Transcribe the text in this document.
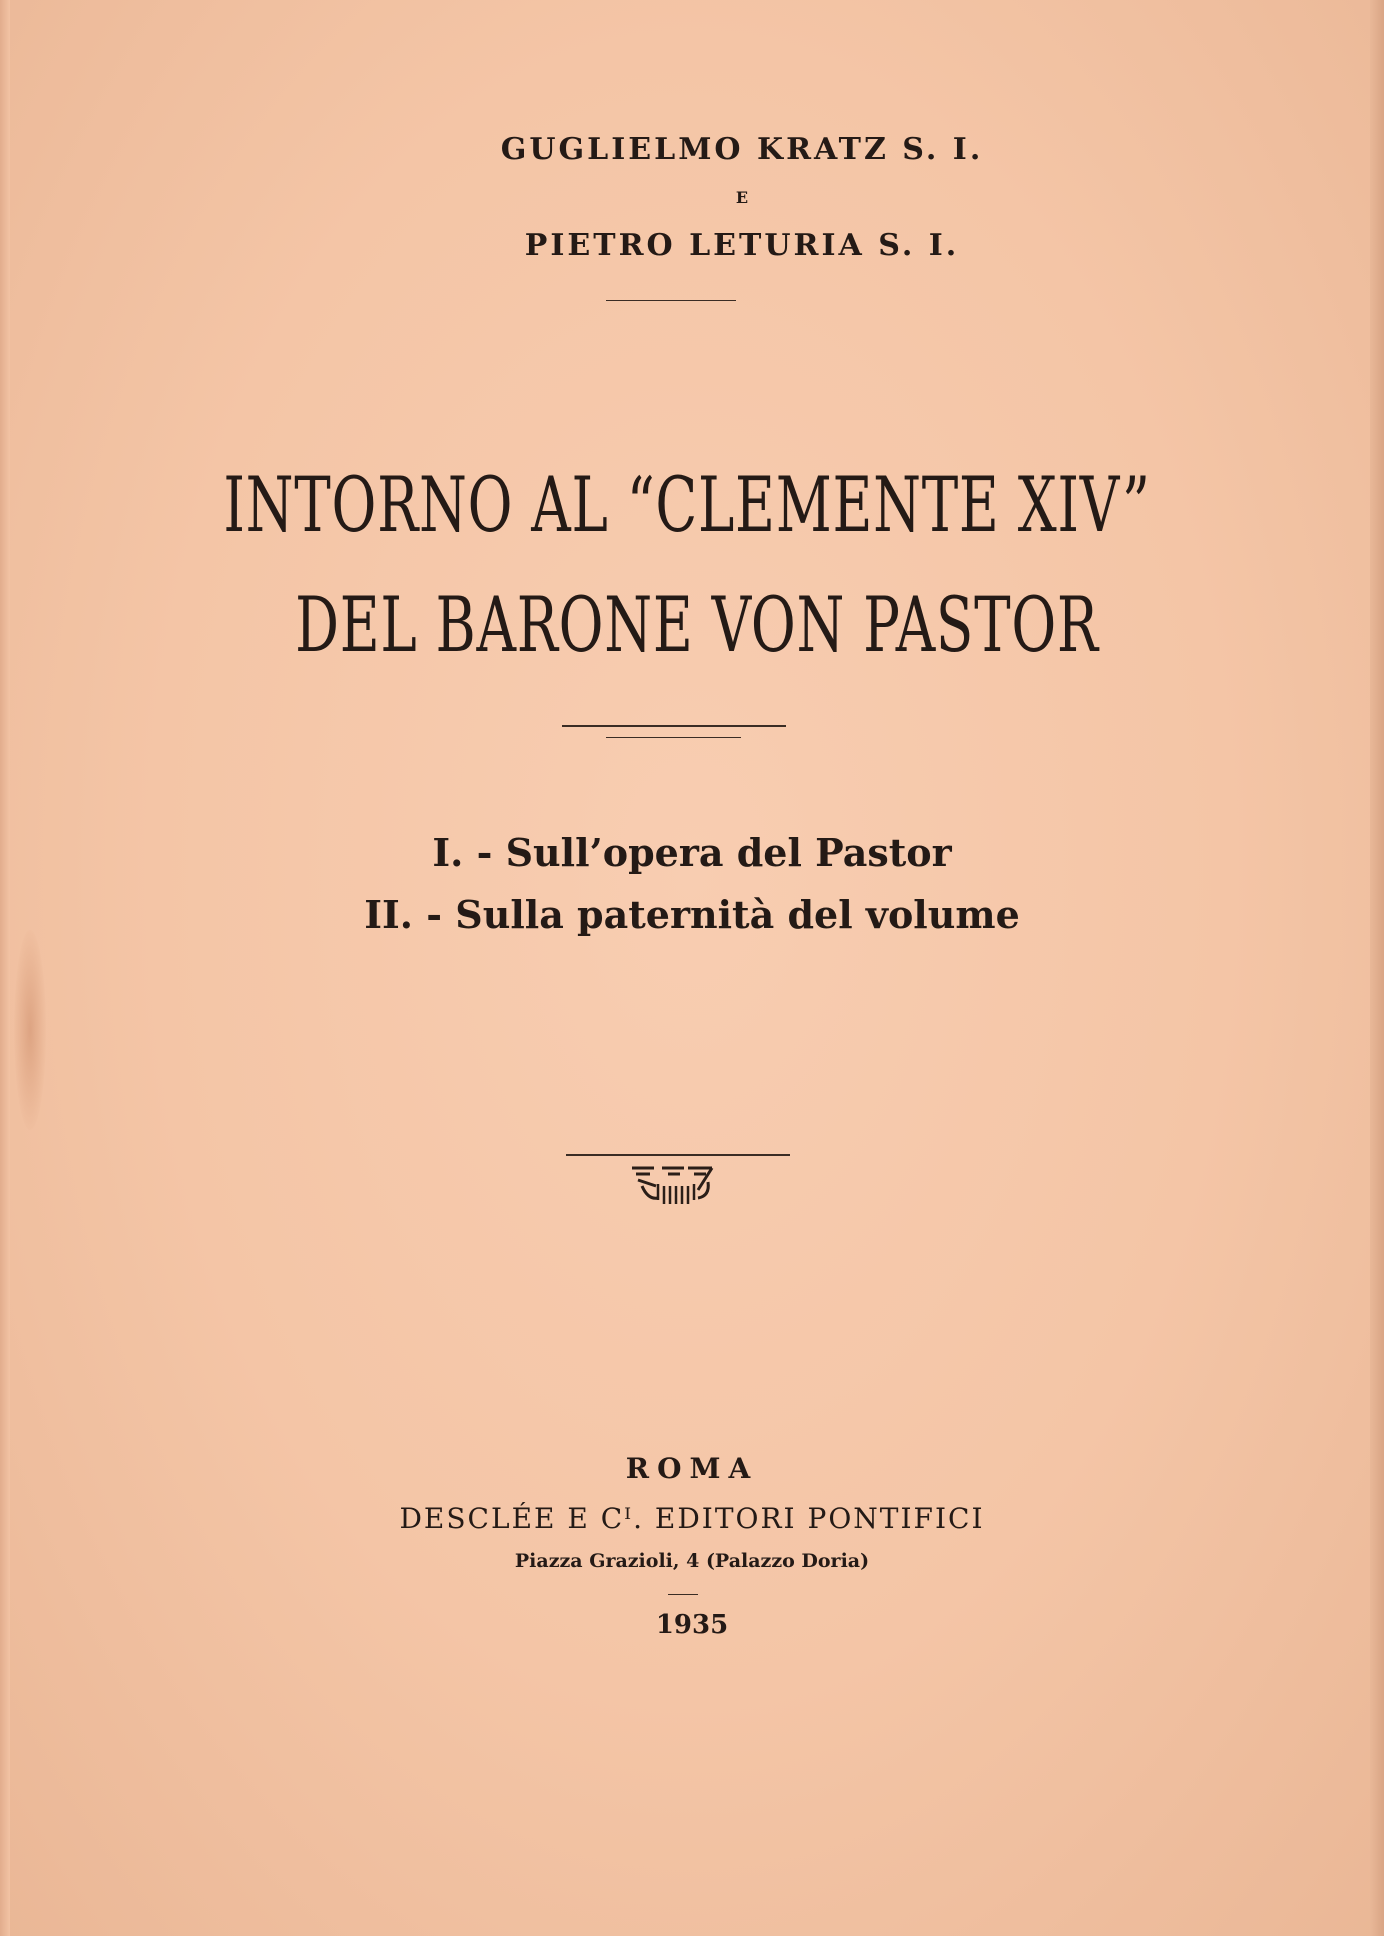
GUGLIELMO KRATZ S. I.
E
PIETRO LETURIA S. I.
INTORNO AL “CLEMENTE XIV”
DEL BARONE VON PASTOR
I. - Sull’opera del Pastor
II. - Sulla paternità del volume
ROMA
DESCLÉE E Cᴵ. EDITORI PONTIFICI
Piazza Grazioli, 4 (Palazzo Doria)
1935
